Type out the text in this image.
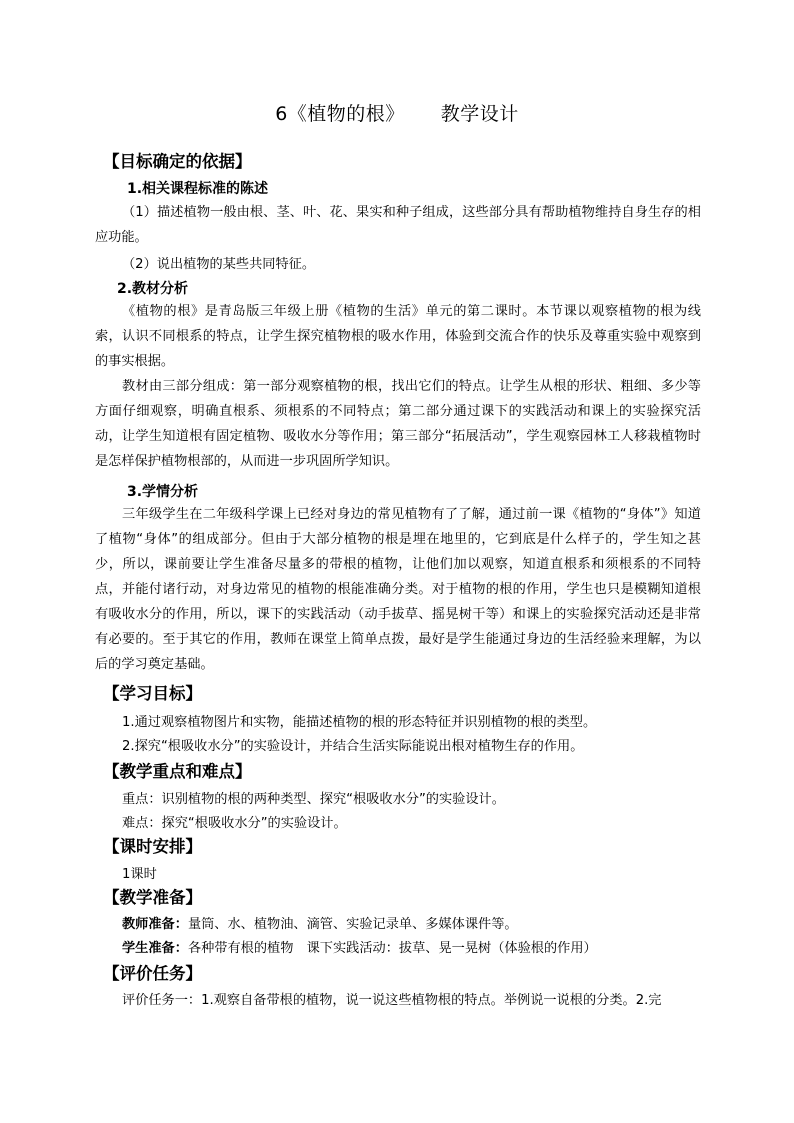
6《植物的根》 教学设计
【目标确定的依据】
1.相关课程标准的陈述
（1）描述植物一般由根、茎、叶、花、果实和种子组成，这些部分具有帮助植物维持自身生存的相应功能。
（2）说出植物的某些共同特征。
2.教材分析
《植物的根》是青岛版三年级上册《植物的生活》单元的第二课时。本节课以观察植物的根为线索，认识不同根系的特点，让学生探究植物根的吸水作用，体验到交流合作的快乐及尊重实验中观察到的事实根据。
教材由三部分组成：第一部分观察植物的根，找出它们的特点。让学生从根的形状、粗细、多少等方面仔细观察，明确直根系、须根系的不同特点；第二部分通过课下的实践活动和课上的实验探究活动，让学生知道根有固定植物、吸收水分等作用；第三部分“拓展活动”，学生观察园林工人移栽植物时是怎样保护植物根部的，从而进一步巩固所学知识。
3.学情分析
三年级学生在二年级科学课上已经对身边的常见植物有了了解，通过前一课《植物的“身体”》知道了植物“身体”的组成部分。但由于大部分植物的根是埋在地里的，它到底是什么样子的，学生知之甚少，所以，课前要让学生准备尽量多的带根的植物，让他们加以观察，知道直根系和须根系的不同特点，并能付诸行动，对身边常见的植物的根能准确分类。对于植物的根的作用，学生也只是模糊知道根有吸收水分的作用，所以，课下的实践活动（动手拔草、摇晃树干等）和课上的实验探究活动还是非常有必要的。至于其它的作用，教师在课堂上简单点拨，最好是学生能通过身边的生活经验来理解，为以后的学习奠定基础。
【学习目标】
1.通过观察植物图片和实物，能描述植物的根的形态特征并识别植物的根的类型。
2.探究“根吸收水分”的实验设计，并结合生活实际能说出根对植物生存的作用。
【教学重点和难点】
重点：识别植物的根的两种类型、探究“根吸收水分”的实验设计。
难点：探究“根吸收水分”的实验设计。
【课时安排】
1课时
【教学准备】
教师准备：量筒、水、植物油、滴管、实验记录单、多媒体课件等。
学生准备：各种带有根的植物　课下实践活动：拔草、晃一晃树（体验根的作用）
【评价任务】
评价任务一：1.观察自备带根的植物，说一说这些植物根的特点。举例说一说根的分类。2.完
